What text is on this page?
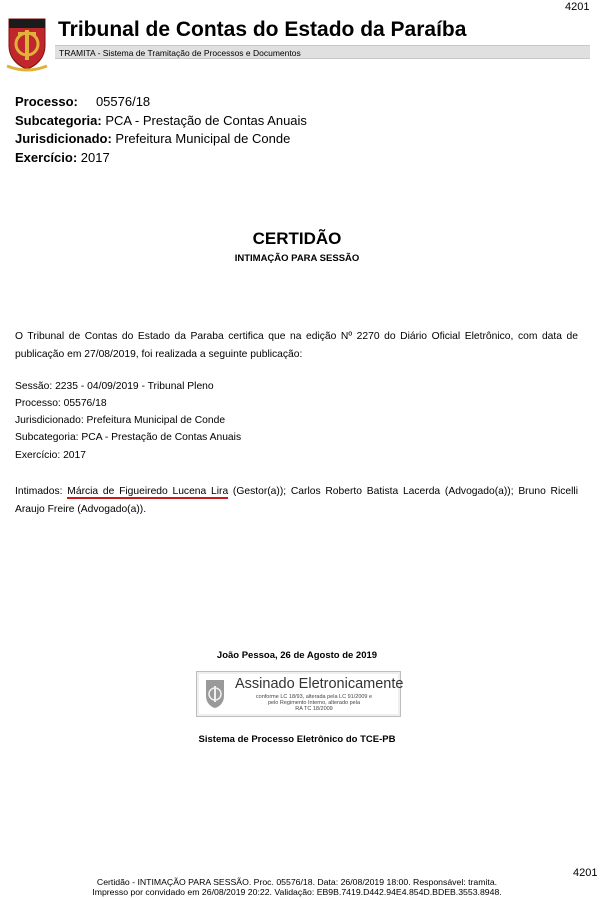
4201
Tribunal de Contas do Estado da Paraíba
TRAMITA - Sistema de Tramitação de Processos e Documentos
Processo: 05576/18
Subcategoria: PCA - Prestação de Contas Anuais
Jurisdicionado: Prefeitura Municipal de Conde
Exercício: 2017
CERTIDÃO
INTIMAÇÃO PARA SESSÃO
O Tribunal de Contas do Estado da Paraba certifica que na edição Nº 2270 do Diário Oficial Eletrônico, com data de publicação em 27/08/2019, foi realizada a seguinte publicação:
Sessão: 2235 - 04/09/2019 - Tribunal Pleno
Processo: 05576/18
Jurisdicionado: Prefeitura Municipal de Conde
Subcategoria: PCA - Prestação de Contas Anuais
Exercício: 2017
Intimados: Márcia de Figueiredo Lucena Lira (Gestor(a)); Carlos Roberto Batista Lacerda (Advogado(a)); Bruno Ricelli Araujo Freire (Advogado(a)).
João Pessoa, 26 de Agosto de 2019
Assinado Eletronicamente
conforme LC 18/93, alterada pela LC 91/2009 e
pelo Regimento Interno, alterado pela
RA TC 18/2009
Sistema de Processo Eletrônico do TCE-PB
4201
Certidão - INTIMAÇÃO PARA SESSÃO. Proc. 05576/18. Data: 26/08/2019 18:00. Responsável: tramita.
Impresso por convidado em 26/08/2019 20:22. Validação: EB9B.7419.D442.94E4.854D.BDEB.3553.8948.
